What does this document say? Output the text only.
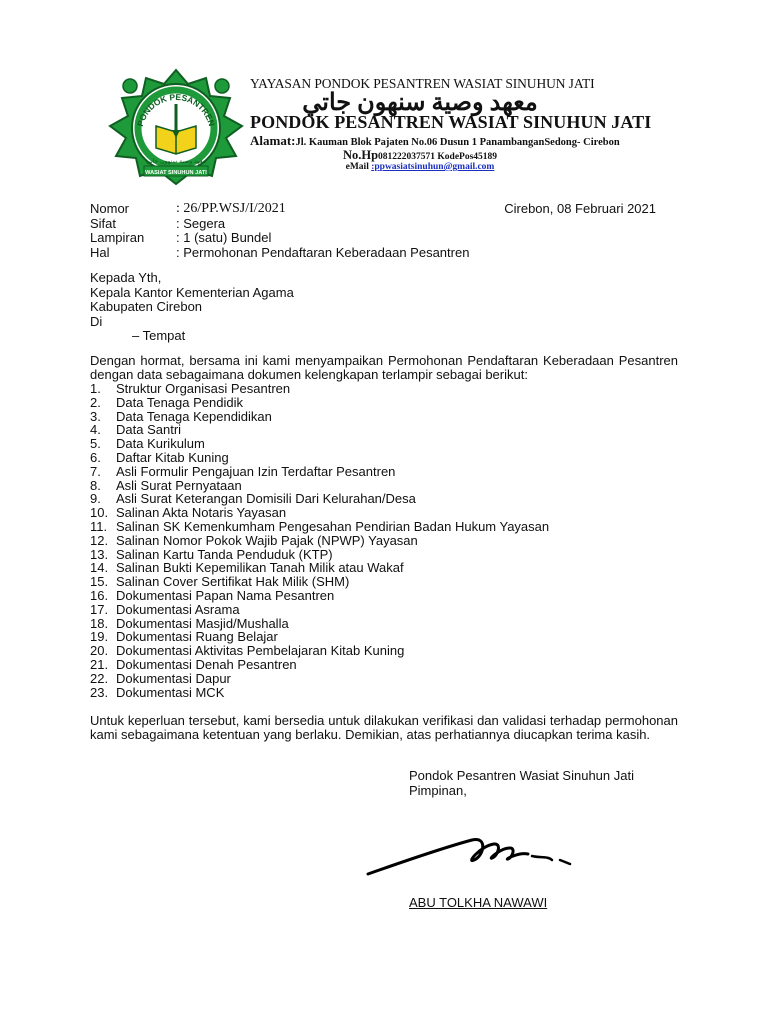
PONDOK PESANTREN
معهد وصية سنهون جاتي
WASIAT SINUHUN JATI
YAYASAN PONDOK PESANTREN WASIAT SINUHUN JATI
معهد وصية سنهون جاتي
PONDOK PESANTREN WASIAT SINUHUN JATI
Alamat:Jl. Kauman Blok Pajaten No.06 Dusun 1 PanambanganSedong- Cirebon
No.Hp081222037571 KodePos45189
eMail :ppwasiatsinuhun@gmail.com
Nomor	: 26/PP.WSJ/I/2021
Sifat	: Segera
Lampiran	: 1 (satu) Bundel
Hal	: Permohonan Pendaftaran Keberadaan Pesantren
Cirebon, 08 Februari 2021
Kepada Yth,
Kepala Kantor Kementerian Agama
Kabupaten Cirebon
Di
– Tempat
Dengan hormat, bersama ini kami menyampaikan Permohonan Pendaftaran Keberadaan Pesantren dengan data sebagaimana dokumen kelengkapan terlampir sebagai berikut:
1.	Struktur Organisasi Pesantren
2.	Data Tenaga Pendidik
3.	Data Tenaga Kependidikan
4.	Data Santri
5.	Data Kurikulum
6.	Daftar Kitab Kuning
7.	Asli Formulir Pengajuan Izin Terdaftar Pesantren
8.	Asli Surat Pernyataan
9.	Asli Surat Keterangan Domisili Dari Kelurahan/Desa
10. Salinan Akta Notaris Yayasan
11. Salinan SK Kemenkumham Pengesahan Pendirian Badan Hukum Yayasan
12. Salinan Nomor Pokok Wajib Pajak (NPWP) Yayasan
13. Salinan Kartu Tanda Penduduk (KTP)
14. Salinan Bukti Kepemilikan Tanah Milik atau Wakaf
15. Salinan Cover Sertifikat Hak Milik (SHM)
16. Dokumentasi Papan Nama Pesantren
17. Dokumentasi Asrama
18. Dokumentasi Masjid/Mushalla
19. Dokumentasi Ruang Belajar
20. Dokumentasi Aktivitas Pembelajaran Kitab Kuning
21. Dokumentasi Denah Pesantren
22. Dokumentasi Dapur
23. Dokumentasi MCK
Untuk keperluan tersebut, kami bersedia untuk dilakukan verifikasi dan validasi terhadap permohonan kami sebagaimana ketentuan yang berlaku. Demikian, atas perhatiannya diucapkan terima kasih.
Pondok Pesantren Wasiat Sinuhun Jati
Pimpinan,
ABU TOLKHA NAWAWI
